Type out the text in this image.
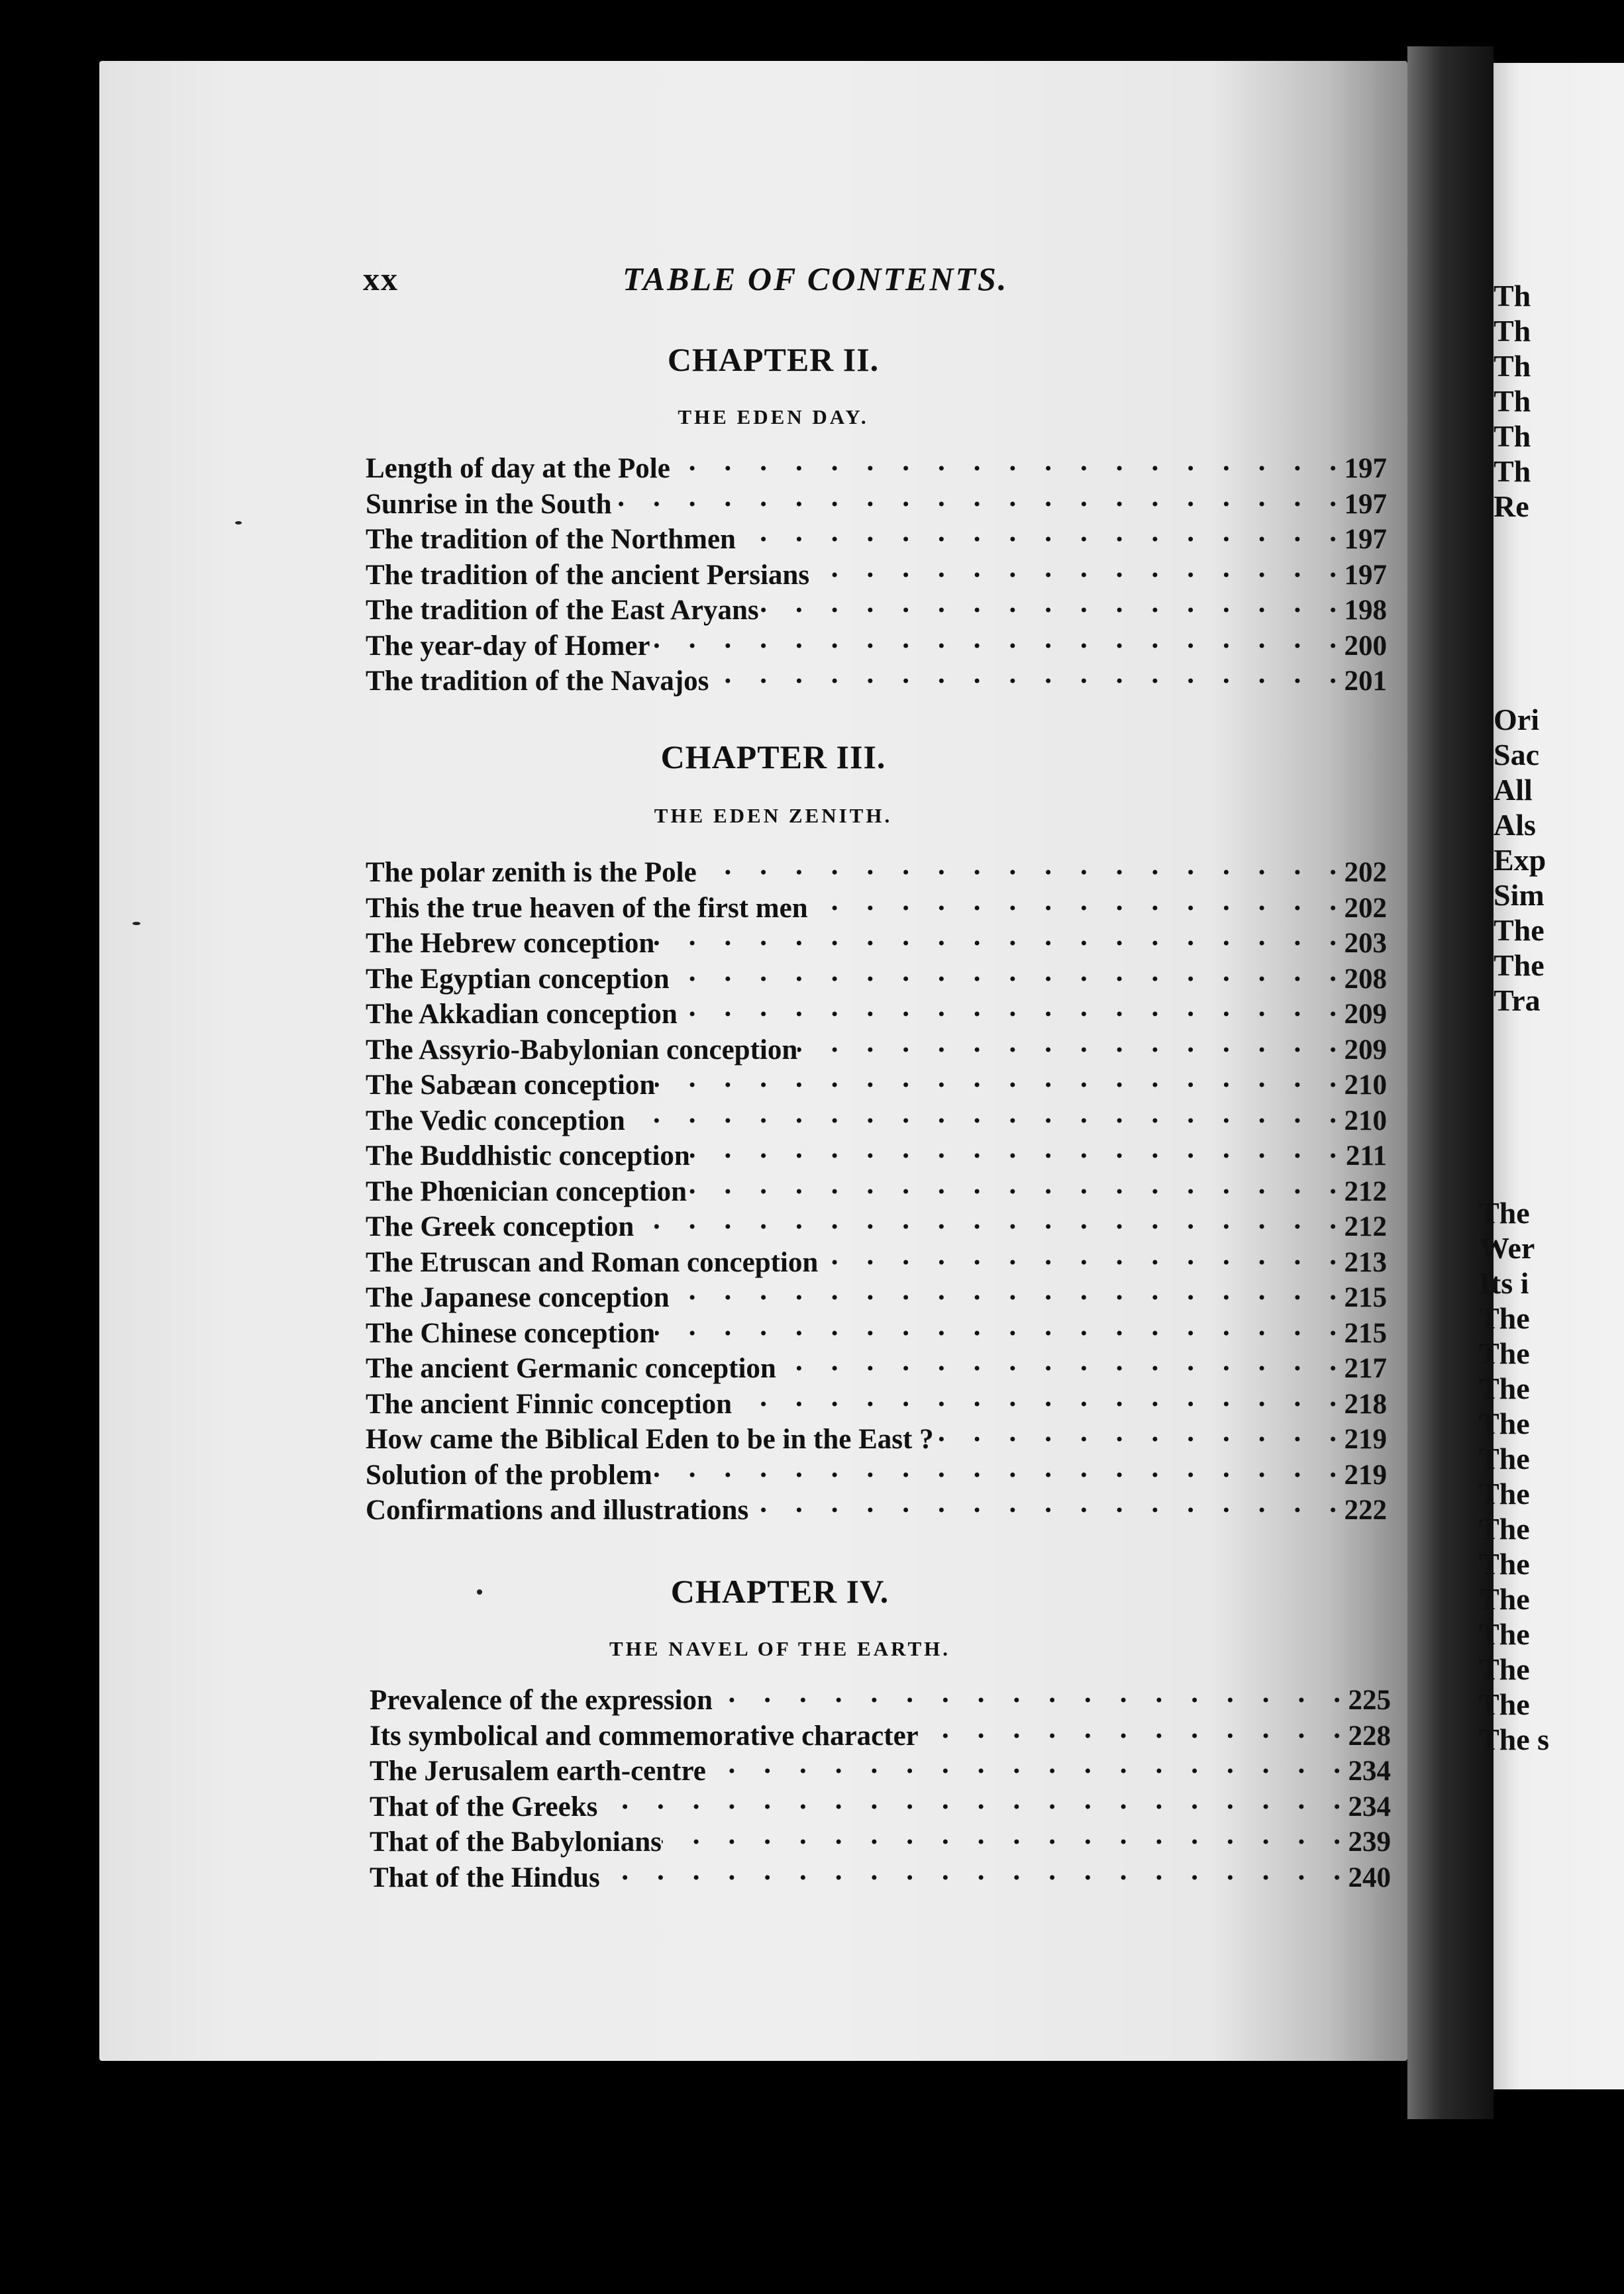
xx	TABLE OF CONTENTS.
CHAPTER II.
THE EDEN DAY.
Length of day at the Pole . . .	197
Sunrise in the South . . .	197
The tradition of the Northmen . . .	197
The tradition of the ancient Persians . . .	197
The tradition of the East Aryans . . .	198
The year-day of Homer . . .	200
The tradition of the Navajos . . .	201
CHAPTER III.
THE EDEN ZENITH.
The polar zenith is the Pole . . .	202
This the true heaven of the first men . . .	202
The Hebrew conception . . .	203
The Egyptian conception . . .	208
The Akkadian conception . . .	209
The Assyrio-Babylonian conception . . .	209
The Sabæan conception . . .	210
The Vedic conception . . .	210
The Buddhistic conception . . .	211
The Phœnician conception . . .	212
The Greek conception . . .	212
The Etruscan and Roman conception . . .	213
The Japanese conception . . .	215
The Chinese conception . . .	215
The ancient Germanic conception . . .	217
The ancient Finnic conception . . .	218
How came the Biblical Eden to be in the East ? . . .	219
Solution of the problem . . .	219
Confirmations and illustrations . . .	222
CHAPTER IV.
THE NAVEL OF THE EARTH.
Prevalence of the expression . . .	225
Its symbolical and commemorative character . . .	228
The Jerusalem earth-centre . . .	234
That of the Greeks . . .	234
That of the Babylonians . . .	239
That of the Hindus . . .	240
Th
Th
Th
Th
Th
Th
Re
Ori
Sac
All
Als
Exp
Sim
The
The
Tra
The
Wer
Its i
The
The
The
The
The
The
The
The
The
The
The
The
The s
